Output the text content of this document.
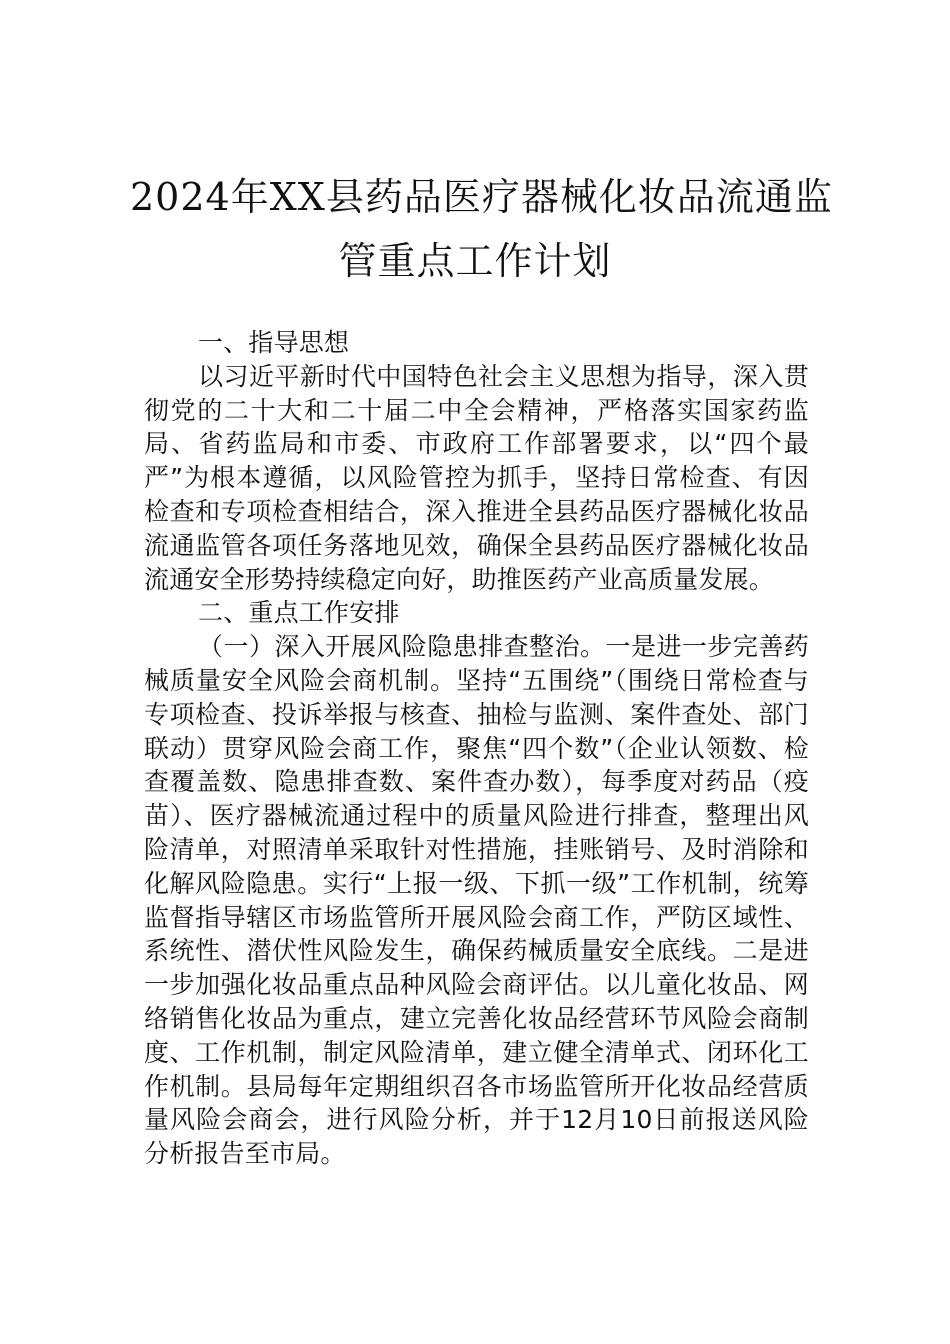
2024年XX县药品医疗器械化妆品流通监
管重点工作计划

一、指导思想

以习近平新时代中国特色社会主义思想为指导，深入贯彻党的二十大和二十届二中全会精神，严格落实国家药监局、省药监局和市委、市政府工作部署要求，以“四个最严”为根本遵循，以风险管控为抓手，坚持日常检查、有因检查和专项检查相结合，深入推进全县药品医疗器械化妆品流通监管各项任务落地见效，确保全县药品医疗器械化妆品流通安全形势持续稳定向好，助推医药产业高质量发展。

二、重点工作安排

（一）深入开展风险隐患排查整治。一是进一步完善药械质量安全风险会商机制。坚持“五围绕”（围绕日常检查与专项检查、投诉举报与核查、抽检与监测、案件查处、部门联动）贯穿风险会商工作，聚焦“四个数”（企业认领数、检查覆盖数、隐患排查数、案件查办数），每季度对药品（疫苗）、医疗器械流通过程中的质量风险进行排查，整理出风险清单，对照清单采取针对性措施，挂账销号、及时消除和化解风险隐患。实行“上报一级、下抓一级”工作机制，统筹监督指导辖区市场监管所开展风险会商工作，严防区域性、系统性、潜伏性风险发生，确保药械质量安全底线。二是进一步加强化妆品重点品种风险会商评估。以儿童化妆品、网络销售化妆品为重点，建立完善化妆品经营环节风险会商制度、工作机制，制定风险清单，建立健全清单式、闭环化工作机制。县局每年定期组织召各市场监管所开化妆品经营质量风险会商会，进行风险分析，并于12月10日前报送风险分析报告至市局。
